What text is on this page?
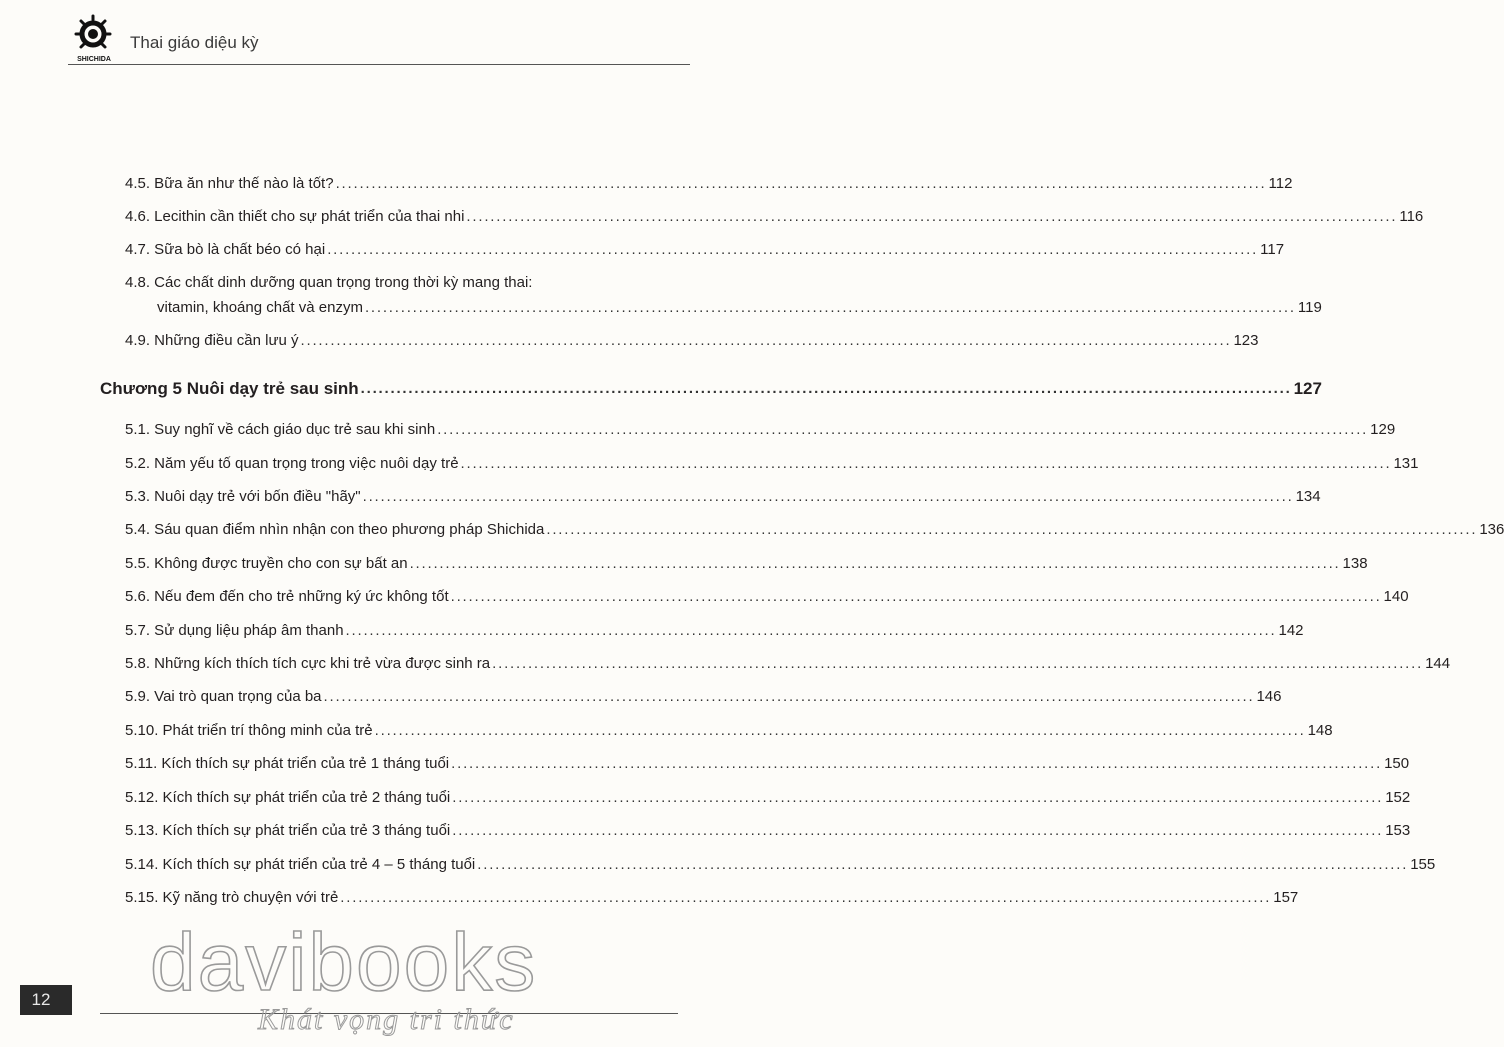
SHICHIDA
Thai giáo diệu kỳ
4.5. Bữa ăn như thế nào là tốt? ............................................................................................................................................................ 112
4.6. Lecithin cần thiết cho sự phát triển của thai nhi ............................................................................................................................................................ 116
4.7. Sữa bò là chất béo có hại ............................................................................................................................................................ 117
4.8. Các chất dinh dưỡng quan trọng trong thời kỳ mang thai:
vitamin, khoáng chất và enzym ............................................................................................................................................................ 119
4.9. Những điều cần lưu ý ............................................................................................................................................................ 123
Chương 5 Nuôi dạy trẻ sau sinh ............................................................................................................................................................ 127
5.1. Suy nghĩ về cách giáo dục trẻ sau khi sinh ............................................................................................................................................................ 129
5.2. Năm yếu tố quan trọng trong việc nuôi dạy trẻ ............................................................................................................................................................ 131
5.3. Nuôi dạy trẻ với bốn điều "hãy" ............................................................................................................................................................ 134
5.4. Sáu quan điểm nhìn nhận con theo phương pháp Shichida ............................................................................................................................................................ 136
5.5. Không được truyền cho con sự bất an ............................................................................................................................................................ 138
5.6. Nếu đem đến cho trẻ những ký ức không tốt ............................................................................................................................................................ 140
5.7. Sử dụng liệu pháp âm thanh ............................................................................................................................................................ 142
5.8. Những kích thích tích cực khi trẻ vừa được sinh ra ............................................................................................................................................................ 144
5.9. Vai trò quan trọng của ba ............................................................................................................................................................ 146
5.10. Phát triển trí thông minh của trẻ ............................................................................................................................................................ 148
5.11. Kích thích sự phát triển của trẻ 1 tháng tuổi ............................................................................................................................................................ 150
5.12. Kích thích sự phát triển của trẻ 2 tháng tuổi ............................................................................................................................................................ 152
5.13. Kích thích sự phát triển của trẻ 3 tháng tuổi ............................................................................................................................................................ 153
5.14. Kích thích sự phát triển của trẻ 4 – 5 tháng tuổi ............................................................................................................................................................ 155
5.15. Kỹ năng trò chuyện với trẻ ............................................................................................................................................................ 157
davibooks
12
Khát vọng tri thức
